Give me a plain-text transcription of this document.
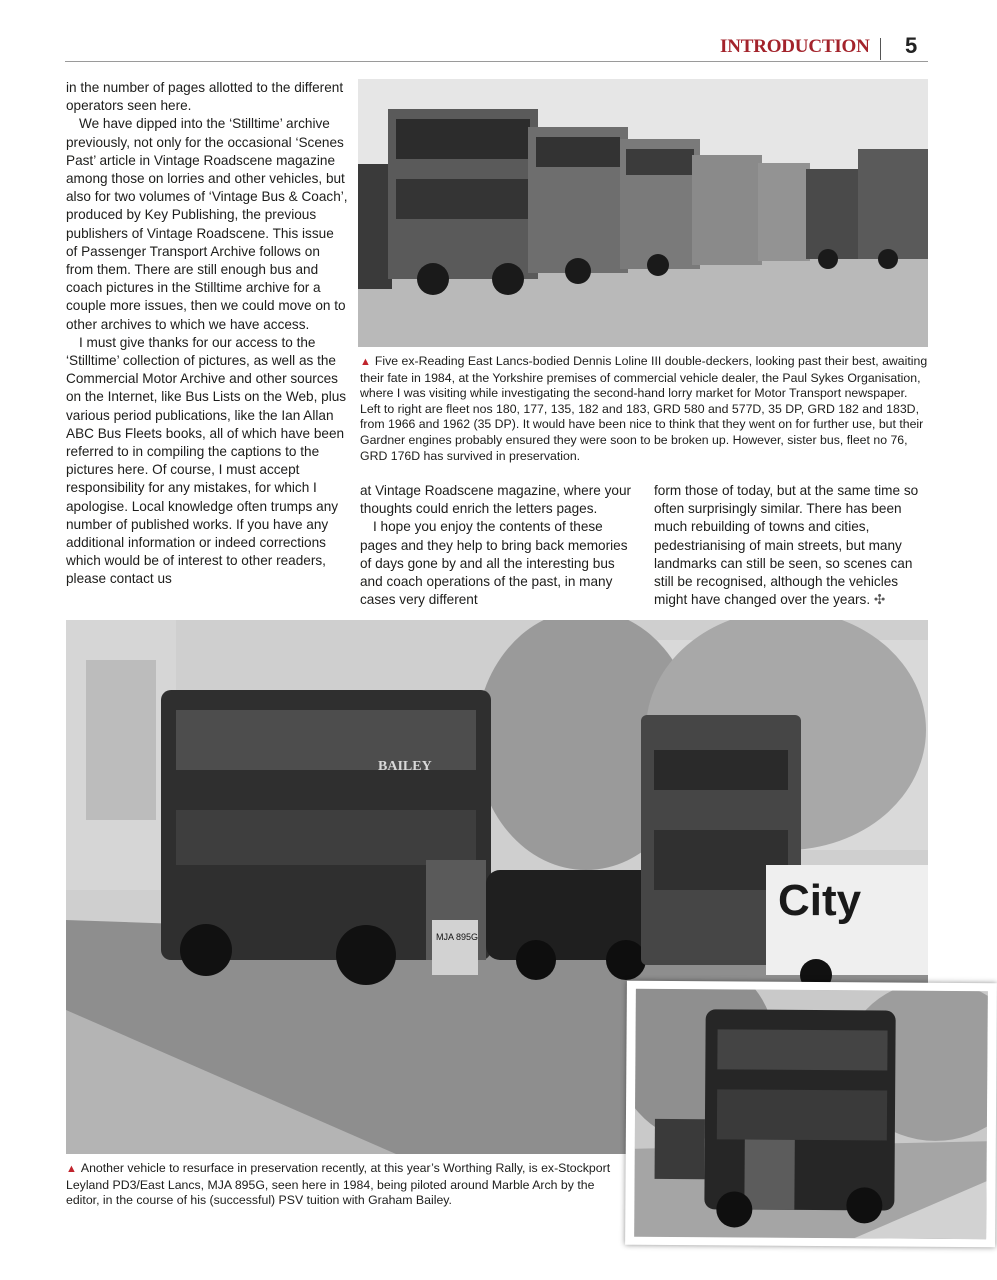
INTRODUCTION 5

in the number of pages allotted to the different operators seen here.

We have dipped into the ‘Stilltime’ archive previously, not only for the occasional ‘Scenes Past’ article in Vintage Roadscene magazine among those on lorries and other vehicles, but also for two volumes of ‘Vintage Bus & Coach’, produced by Key Publishing, the previous publishers of Vintage Roadscene. This issue of Passenger Transport Archive follows on from them. There are still enough bus and coach pictures in the Stilltime archive for a couple more issues, then we could move on to other archives to which we have access.

I must give thanks for our access to the ‘Stilltime’ collection of pictures, as well as the Commercial Motor Archive and other sources on the Internet, like Bus Lists on the Web, plus various period publications, like the Ian Allan ABC Bus Fleets books, all of which have been referred to in compiling the captions to the pictures here. Of course, I must accept responsibility for any mistakes, for which I apologise. Local knowledge often trumps any number of published works. If you have any additional information or indeed corrections which would be of interest to other readers, please contact us

▲ Five ex-Reading East Lancs-bodied Dennis Loline III double-deckers, looking past their best, awaiting their fate in 1984, at the Yorkshire premises of commercial vehicle dealer, the Paul Sykes Organisation, where I was visiting while investigating the second-hand lorry market for Motor Transport newspaper. Left to right are fleet nos 180, 177, 135, 182 and 183, GRD 580 and 577D, 35 DP, GRD 182 and 183D, from 1966 and 1962 (35 DP). It would have been nice to think that they went on for further use, but their Gardner engines probably ensured they were soon to be broken up. However, sister bus, fleet no 76, GRD 176D has survived in preservation.

at Vintage Roadscene magazine, where your thoughts could enrich the letters pages.

I hope you enjoy the contents of these pages and they help to bring back memories of days gone by and all the interesting bus and coach operations of the past, in many cases very different

form those of today, but at the same time so often surprisingly similar. There has been much rebuilding of towns and cities, pedestrianising of main streets, but many landmarks can still be seen, so scenes can still be recognised, although the vehicles might have changed over the years. ✣

City
BAILEY
MJA 895G
▲ Another vehicle to resurface in preservation recently, at this year’s Worthing Rally, is ex-Stockport Leyland PD3/East Lancs, MJA 895G, seen here in 1984, being piloted around Marble Arch by the editor, in the course of his (successful) PSV tuition with Graham Bailey.
